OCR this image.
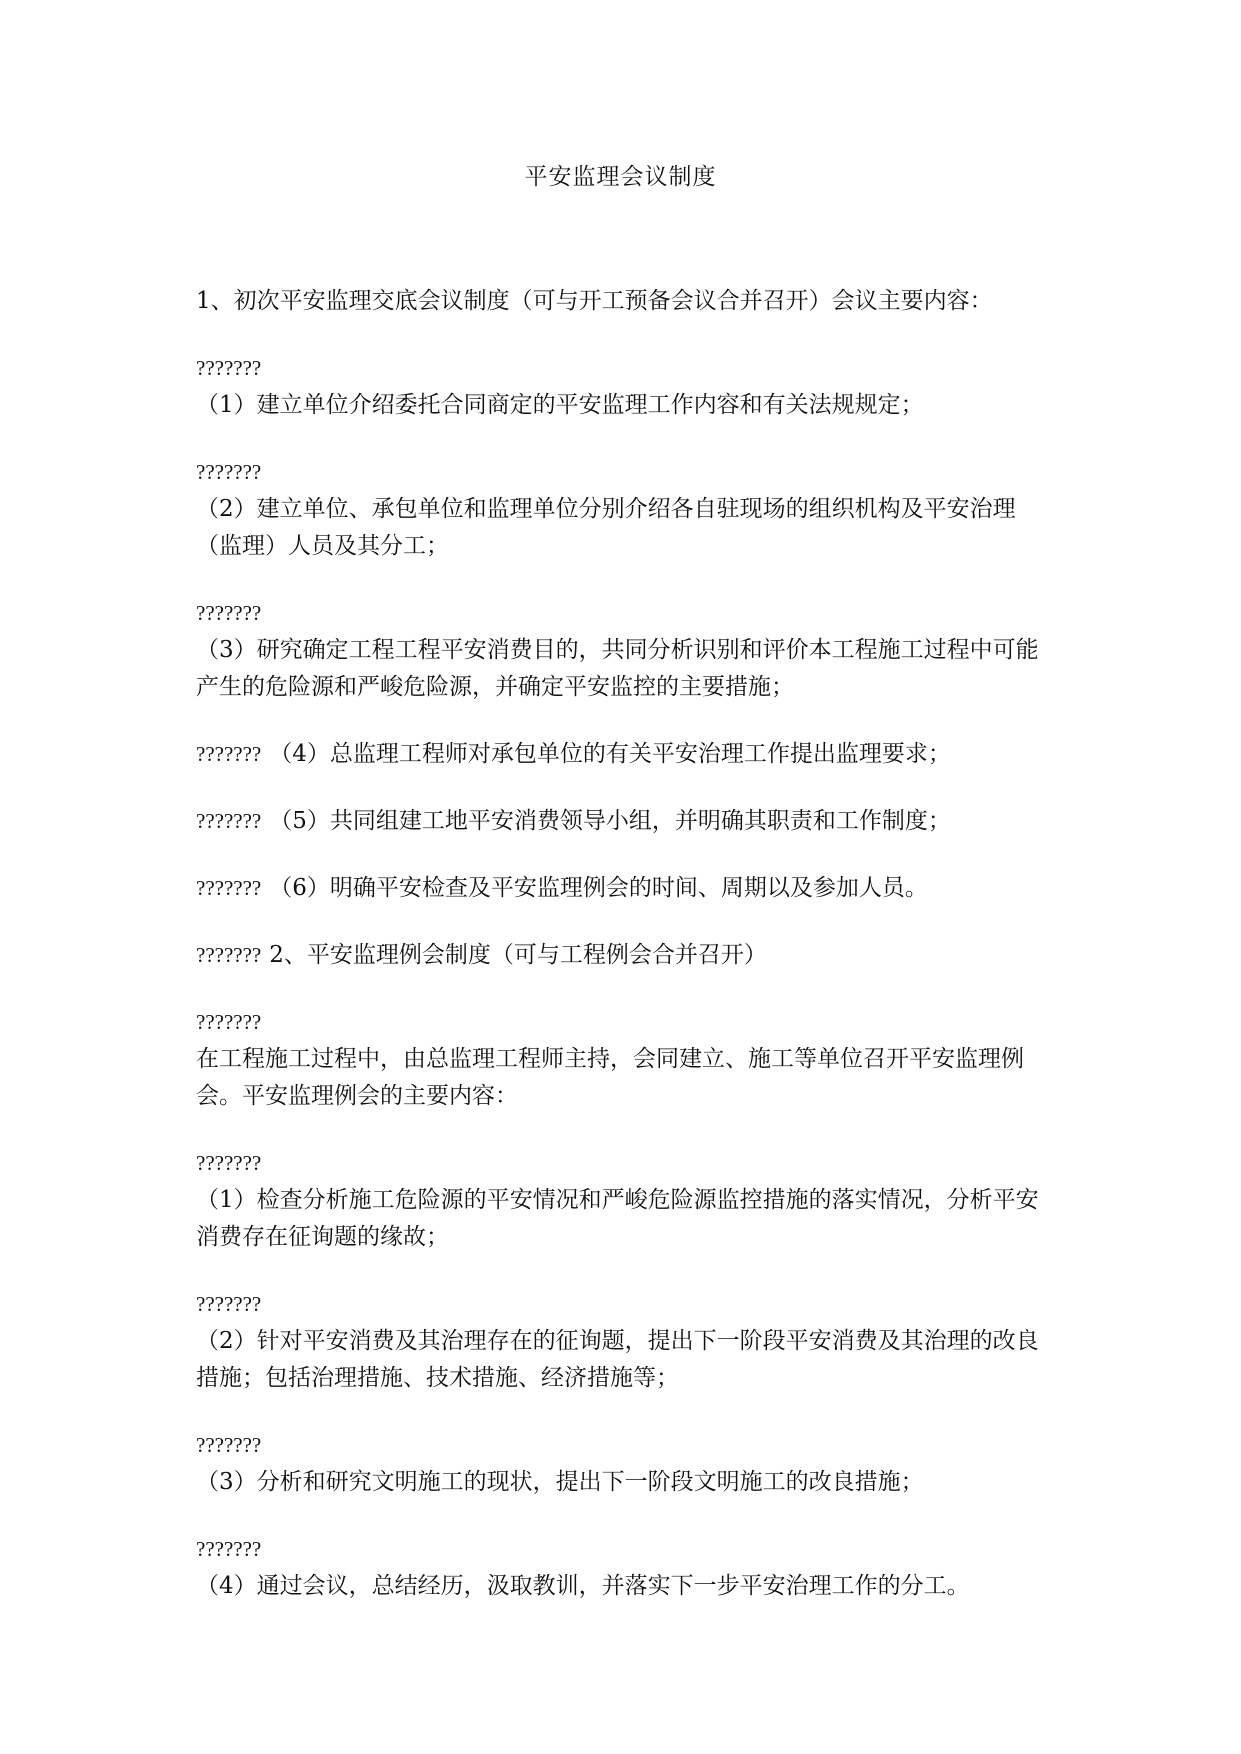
平安监理会议制度

1、初次平安监理交底会议制度（可与开工预备会议合并召开）会议主要内容：

???????

（1）建立单位介绍委托合同商定的平安监理工作内容和有关法规规定；

???????

（2）建立单位、承包单位和监理单位分别介绍各自驻现场的组织机构及平安治理（监理）人员及其分工；

???????

（3）研究确定工程工程平安消费目的，共同分析识别和评价本工程施工过程中可能产生的危险源和严峻危险源，并确定平安监控的主要措施；

??????? （4）总监理工程师对承包单位的有关平安治理工作提出监理要求；

??????? （5）共同组建工地平安消费领导小组，并明确其职责和工作制度；

??????? （6）明确平安检查及平安监理例会的时间、周期以及参加人员。

??????? 2、平安监理例会制度（可与工程例会合并召开）

???????

在工程施工过程中，由总监理工程师主持，会同建立、施工等单位召开平安监理例会。平安监理例会的主要内容：

???????

（1）检查分析施工危险源的平安情况和严峻危险源监控措施的落实情况，分析平安消费存在征询题的缘故；

???????

（2）针对平安消费及其治理存在的征询题，提出下一阶段平安消费及其治理的改良措施；包括治理措施、技术措施、经济措施等；

???????

（3）分析和研究文明施工的现状，提出下一阶段文明施工的改良措施；

???????

（4）通过会议，总结经历，汲取教训，并落实下一步平安治理工作的分工。
